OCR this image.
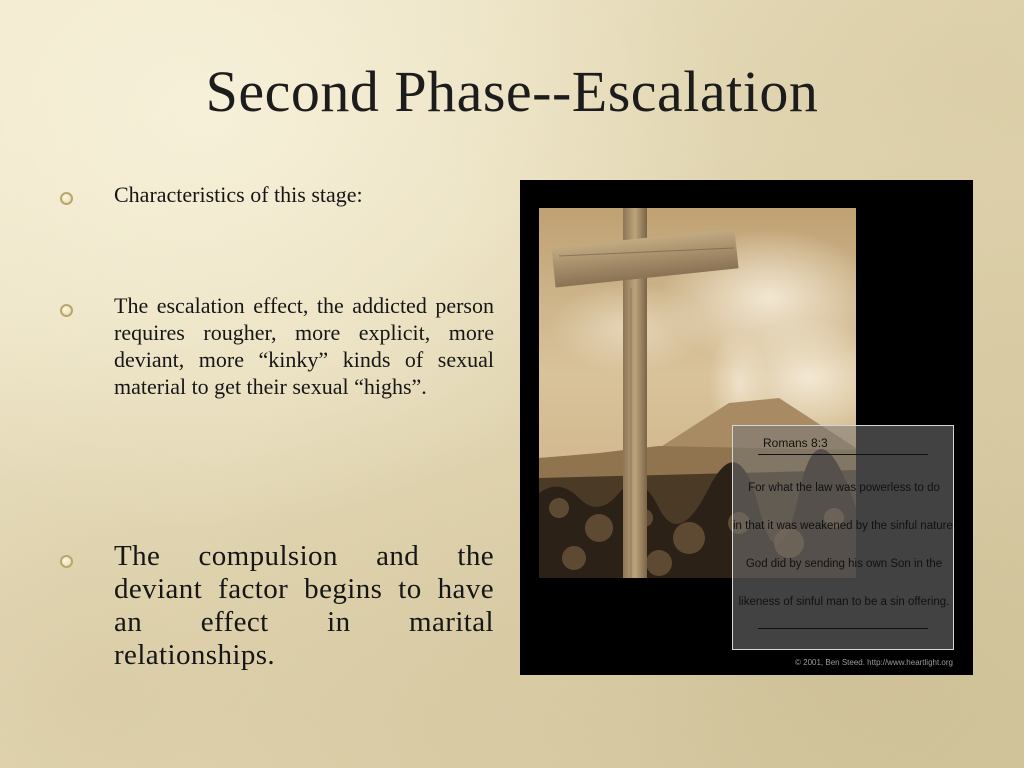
Second Phase--Escalation
Characteristics of this stage:
The escalation effect, the addicted person requires rougher, more explicit, more deviant, more “kinky” kinds of sexual material to get their sexual “highs”.
The compulsion and the deviant factor begins to have an effect in marital relationships.
Romans 8:3
For what the law was powerless to do
in that it was weakened by the sinful nature,
God did by sending his own Son in the
likeness of sinful man to be a sin offering.
© 2001, Ben Steed. http://www.heartlight.org
